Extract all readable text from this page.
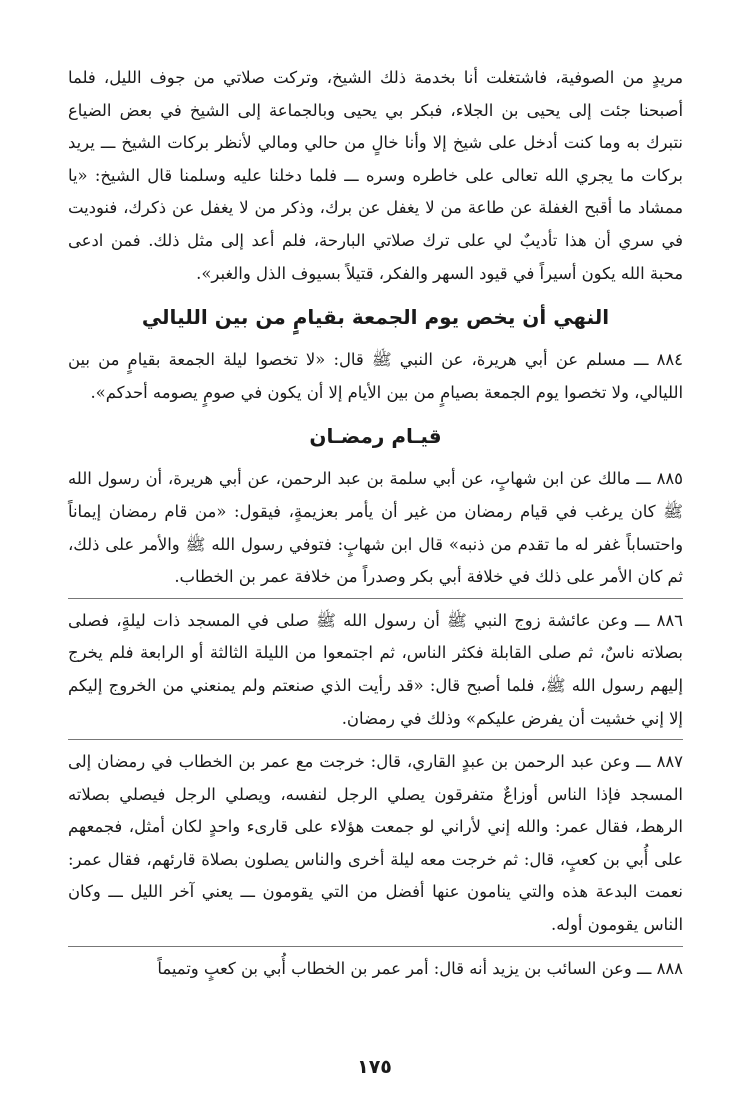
مريدٍ من الصوفية، فاشتغلت أنا بخدمة ذلك الشيخ، وتركت صلاتي من جوف الليل، فلما أصبحنا جئت إلى يحيى بن الجلاء، فبكر بي يحيى وبالجماعة إلى الشيخ في بعض الضياع نتبرك به وما كنت أدخل على شيخ إلا وأنا خالٍ من حالي ومالي لأنظر بركات الشيخ ـــ يريد بركات ما يجري الله تعالى على خاطره وسره ـــ فلما دخلنا عليه وسلمنا قال الشيخ: «يا ممشاد ما أقبح الغفلة عن طاعة من لا يغفل عن برك، وذكر من لا يغفل عن ذكرك، فنوديت في سري أن هذا تأديبٌ لي على ترك صلاتي البارحة، فلم أعد إلى مثل ذلك. فمن ادعى محبة الله يكون أسيراً في قيود السهر والفكر، قتيلاً بسيوف الذل والغبر».

النهي أن يخص يوم الجمعة بقيامٍ من بين الليالي

٨٨٤ ـــ مسلم عن أبي هريرة، عن النبي ﷺ قال: «لا تخصوا ليلة الجمعة بقيامٍ من بين الليالي، ولا تخصوا يوم الجمعة بصيامٍ من بين الأيام إلا أن يكون في صومٍ يصومه أحدكم».

قيـام رمضـان

٨٨٥ ـــ مالك عن ابن شهابٍ، عن أبي سلمة بن عبد الرحمن، عن أبي هريرة، أن رسول الله ﷺ كان يرغب في قيام رمضان من غير أن يأمر بعزيمةٍ، فيقول: «من قام رمضان إيماناً واحتساباً غفر له ما تقدم من ذنبه» قال ابن شهابٍ: فتوفي رسول الله ﷺ والأمر على ذلك، ثم كان الأمر على ذلك في خلافة أبي بكر وصدراً من خلافة عمر بن الخطاب.

٨٨٦ ـــ وعن عائشة زوج النبي ﷺ أن رسول الله ﷺ صلى في المسجد ذات ليلةٍ، فصلى بصلاته ناسٌ، ثم صلى القابلة فكثر الناس، ثم اجتمعوا من الليلة الثالثة أو الرابعة فلم يخرج إليهم رسول الله ﷺ، فلما أصبح قال: «قد رأيت الذي صنعتم ولم يمنعني من الخروج إليكم إلا إني خشيت أن يفرض عليكم» وذلك في رمضان.

٨٨٧ ـــ وعن عبد الرحمن بن عبدٍ القاري، قال: خرجت مع عمر بن الخطاب في رمضان إلى المسجد فإذا الناس أوزاعٌ متفرقون يصلي الرجل لنفسه، ويصلي الرجل فيصلي بصلاته الرهط، فقال عمر: والله إني لأراني لو جمعت هؤلاء على قارىء واحدٍ لكان أمثل، فجمعهم على أُبي بن كعبٍ، قال: ثم خرجت معه ليلة أخرى والناس يصلون بصلاة قارئهم، فقال عمر: نعمت البدعة هذه والتي ينامون عنها أفضل من التي يقومون ـــ يعني آخر الليل ـــ وكان الناس يقومون أوله.

٨٨٨ ـــ وعن السائب بن يزيد أنه قال: أمر عمر بن الخطاب أُبي بن كعبٍ وتميماً

١٧٥
